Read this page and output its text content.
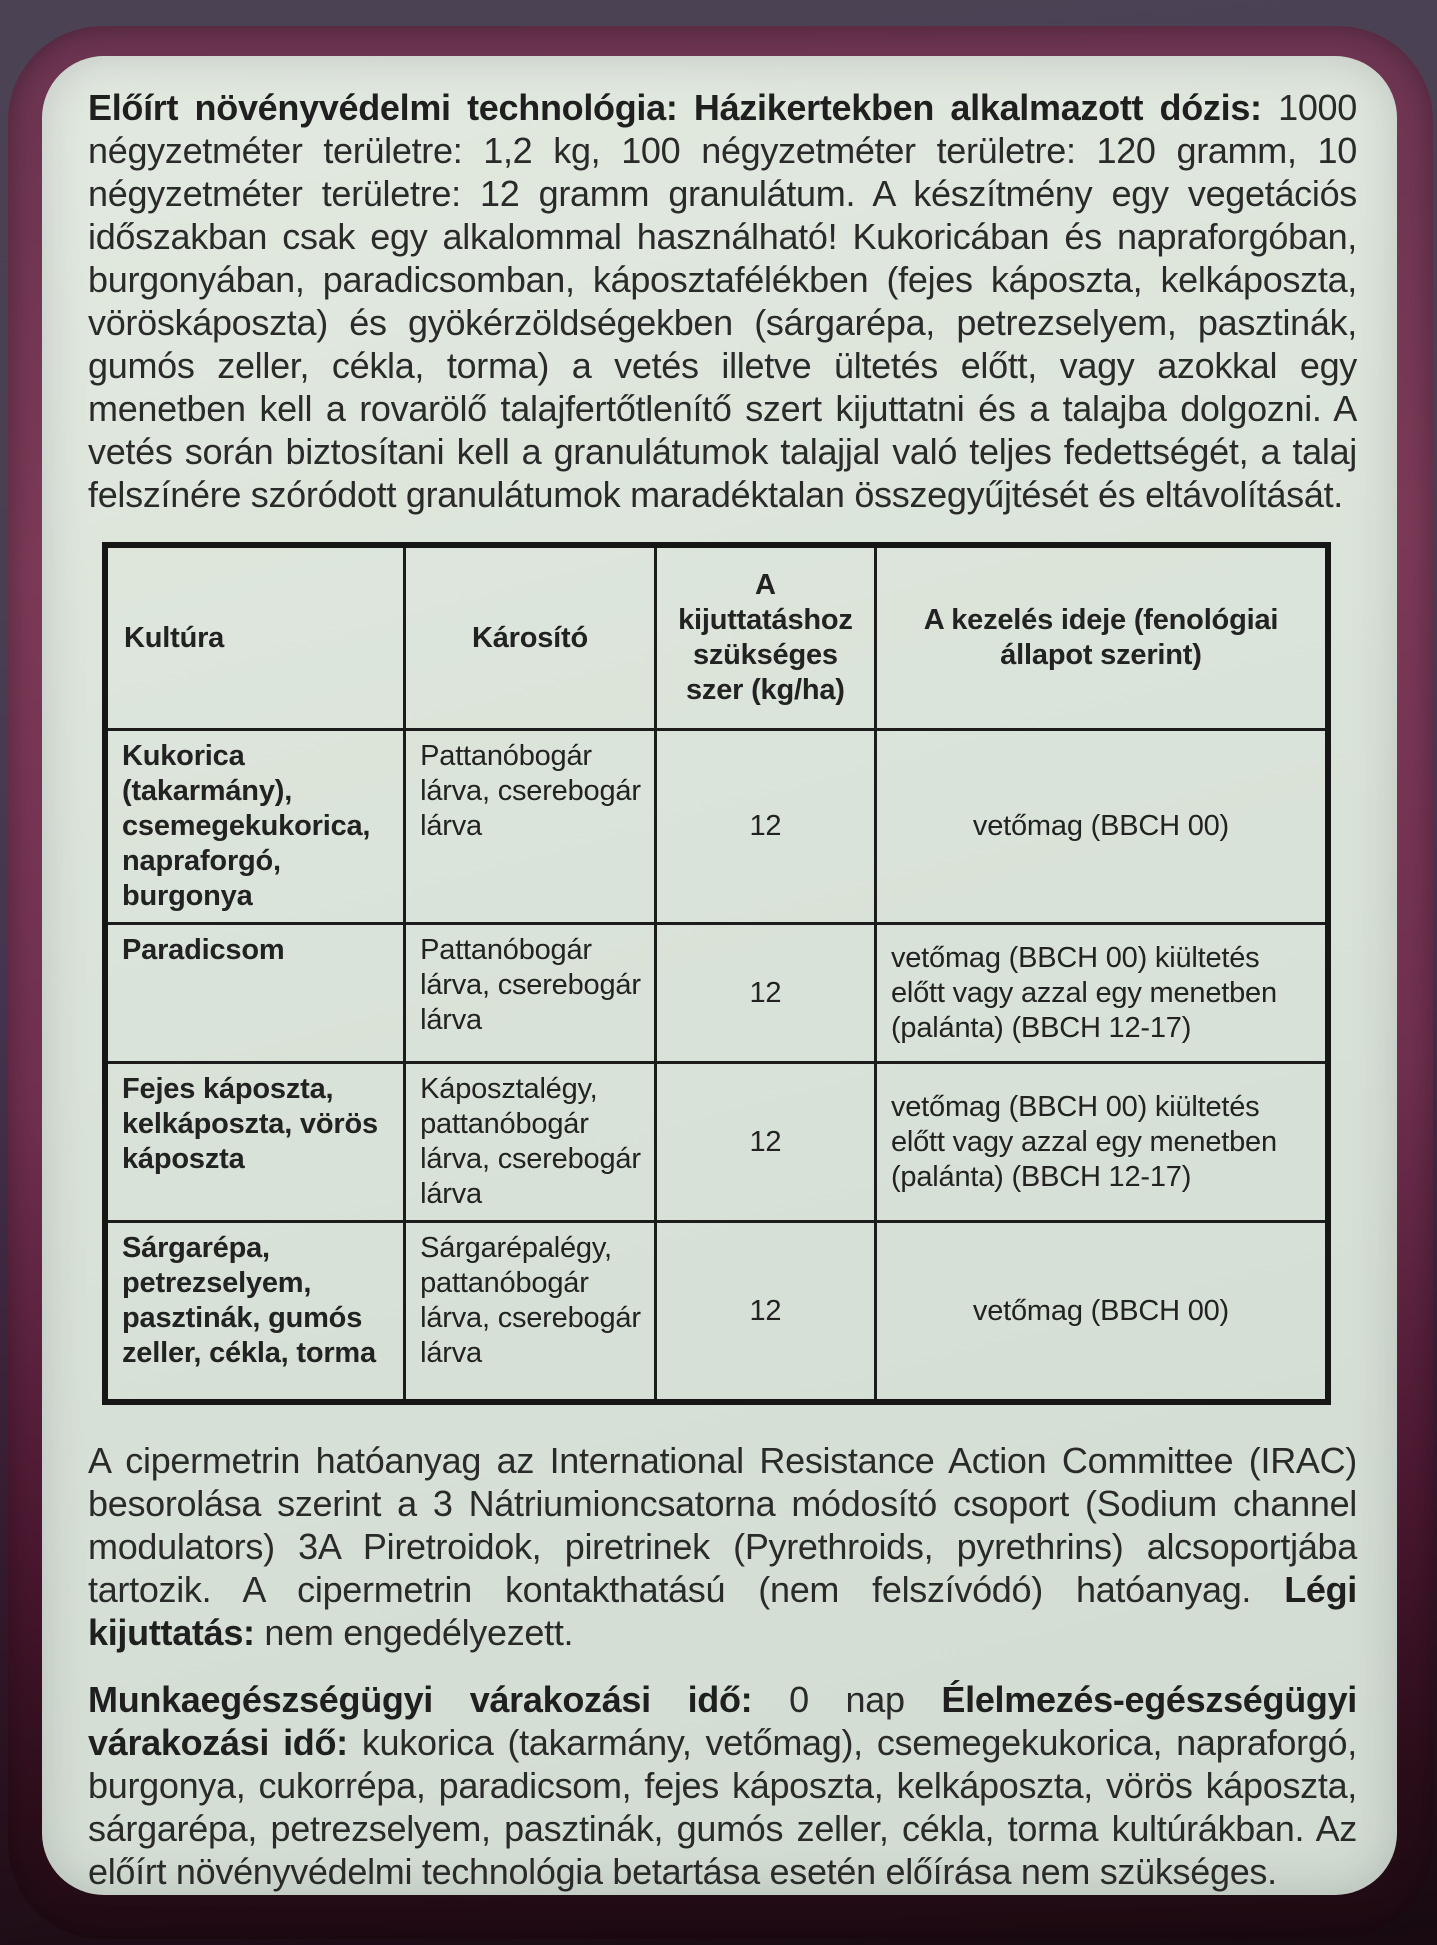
Előírt növényvédelmi technológia: Házikertekben alkalmazott dózis: 1000 négyzetméter területre: 1,2 kg, 100 négyzetméter területre: 120 gramm, 10 négyzetméter területre: 12 gramm granulátum. A készítmény egy vegetációs időszakban csak egy alkalommal használható! Kukoricában és napraforgóban, burgonyában, paradicsomban, káposztafélékben (fejes káposzta, kelkáposzta, vöröskáposzta) és gyökérzöldségekben (sárgarépa, petrezselyem, pasztinák, gumós zeller, cékla, torma) a vetés illetve ültetés előtt, vagy azokkal egy menetben kell a rovarölő talajfertőtlenítő szert kijuttatni és a talajba dolgozni. A vetés során biztosítani kell a granulátumok talajjal való teljes fedettségét, a talaj felszínére szóródott granulátumok maradéktalan összegyűjtését és eltávolítását.

Kultúra	Károsító	A kijuttatáshoz szükséges szer (kg/ha)	A kezelés ideje (fenológiai állapot szerint)
Kukorica (takarmány), csemegekukorica, napraforgó, burgonya	Pattanóbogár lárva, cserebogár lárva	12	vetőmag (BBCH 00)
Paradicsom	Pattanóbogár lárva, cserebogár lárva	12	vetőmag (BBCH 00) kiültetés előtt vagy azzal egy menetben (palánta) (BBCH 12-17)
Fejes káposzta, kelkáposzta, vörös káposzta	Káposztalégy, pattanóbogár lárva, cserebogár lárva	12	vetőmag (BBCH 00) kiültetés előtt vagy azzal egy menetben (palánta) (BBCH 12-17)
Sárgarépa, petrezselyem, pasztinák, gumós zeller, cékla, torma	Sárgarépalégy, pattanóbogár lárva, cserebogár lárva	12	vetőmag (BBCH 00)

A cipermetrin hatóanyag az International Resistance Action Committee (IRAC) besorolása szerint a 3 Nátriumioncsatorna módosító csoport (Sodium channel modulators) 3A Piretroidok, piretrinek (Pyrethroids, pyrethrins) alcsoportjába tartozik. A cipermetrin kontakthatású (nem felszívódó) hatóanyag. Légi kijuttatás: nem engedélyezett.

Munkaegészségügyi várakozási idő: 0 nap Élelmezés-egészségügyi várakozási idő: kukorica (takarmány, vetőmag), csemegekukorica, napraforgó, burgonya, cukorrépa, paradicsom, fejes káposzta, kelkáposzta, vörös káposzta, sárgarépa, petrezselyem, pasztinák, gumós zeller, cékla, torma kultúrákban. Az előírt növényvédelmi technológia betartása esetén előírása nem szükséges.
